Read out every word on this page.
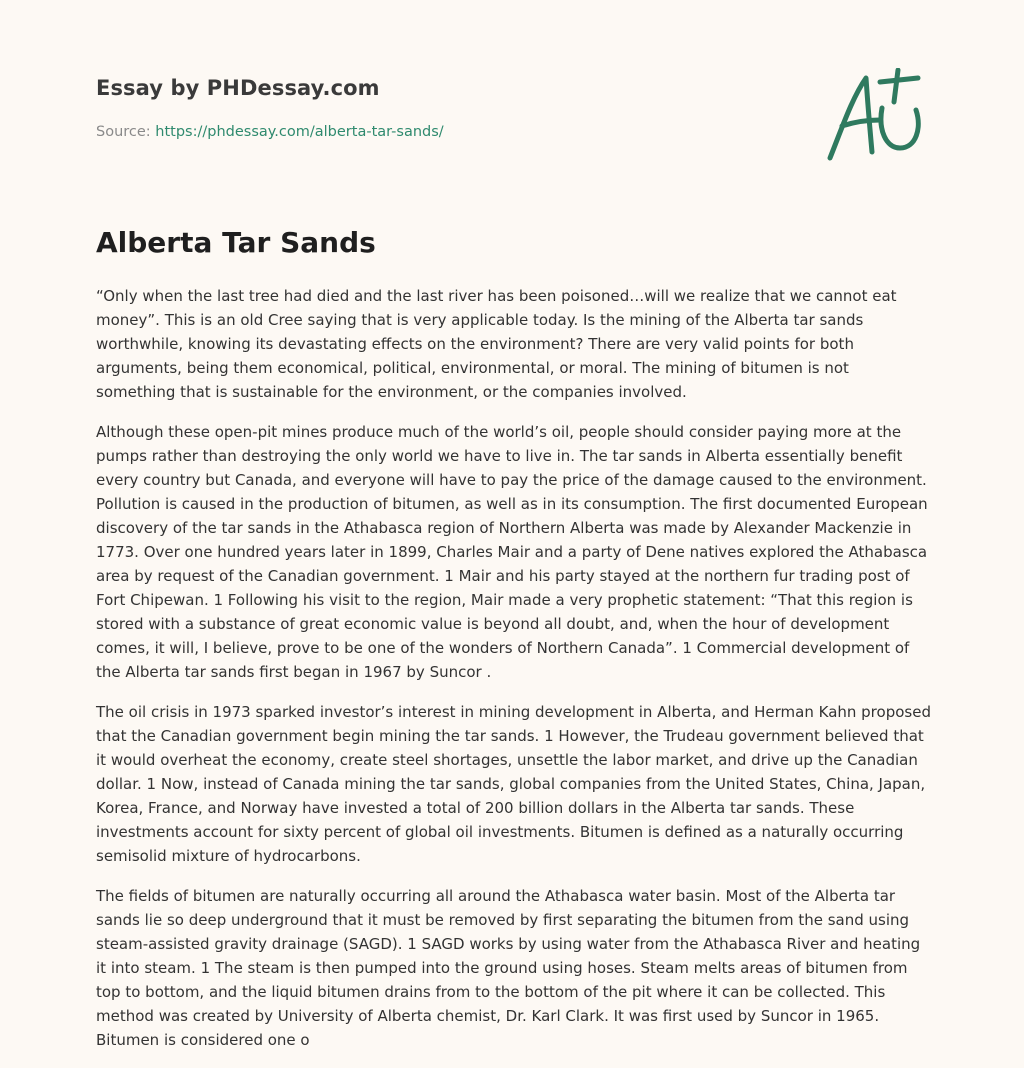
Essay by PHDessay.com

Source: https://phdessay.com/alberta-tar-sands/

Alberta Tar Sands

“Only when the last tree had died and the last river has been poisoned…will we realize that we cannot eat money”. This is an old Cree saying that is very applicable today. Is the mining of the Alberta tar sands worthwhile, knowing its devastating effects on the environment? There are very valid points for both arguments, being them economical, political, environmental, or moral. The mining of bitumen is not something that is sustainable for the environment, or the companies involved.

Although these open-pit mines produce much of the world’s oil, people should consider paying more at the pumps rather than destroying the only world we have to live in. The tar sands in Alberta essentially benefit every country but Canada, and everyone will have to pay the price of the damage caused to the environment. Pollution is caused in the production of bitumen, as well as in its consumption. The first documented European discovery of the tar sands in the Athabasca region of Northern Alberta was made by Alexander Mackenzie in 1773. Over one hundred years later in 1899, Charles Mair and a party of Dene natives explored the Athabasca area by request of the Canadian government. 1 Mair and his party stayed at the northern fur trading post of Fort Chipewan. 1 Following his visit to the region, Mair made a very prophetic statement: “That this region is stored with a substance of great economic value is beyond all doubt, and, when the hour of development comes, it will, I believe, prove to be one of the wonders of Northern Canada”. 1 Commercial development of the Alberta tar sands first began in 1967 by Suncor .

The oil crisis in 1973 sparked investor’s interest in mining development in Alberta, and Herman Kahn proposed that the Canadian government begin mining the tar sands. 1 However, the Trudeau government believed that it would overheat the economy, create steel shortages, unsettle the labor market, and drive up the Canadian dollar. 1 Now, instead of Canada mining the tar sands, global companies from the United States, China, Japan, Korea, France, and Norway have invested a total of 200 billion dollars in the Alberta tar sands. These investments account for sixty percent of global oil investments. Bitumen is defined as a naturally occurring semisolid mixture of hydrocarbons.

The fields of bitumen are naturally occurring all around the Athabasca water basin. Most of the Alberta tar sands lie so deep underground that it must be removed by first separating the bitumen from the sand using steam-assisted gravity drainage (SAGD). 1 SAGD works by using water from the Athabasca River and heating it into steam. 1 The steam is then pumped into the ground using hoses. Steam melts areas of bitumen from top to bottom, and the liquid bitumen drains from to the bottom of the pit where it can be collected. This method was created by University of Alberta chemist, Dr. Karl Clark. It was first used by Suncor in 1965. Bitumen is considered one o
